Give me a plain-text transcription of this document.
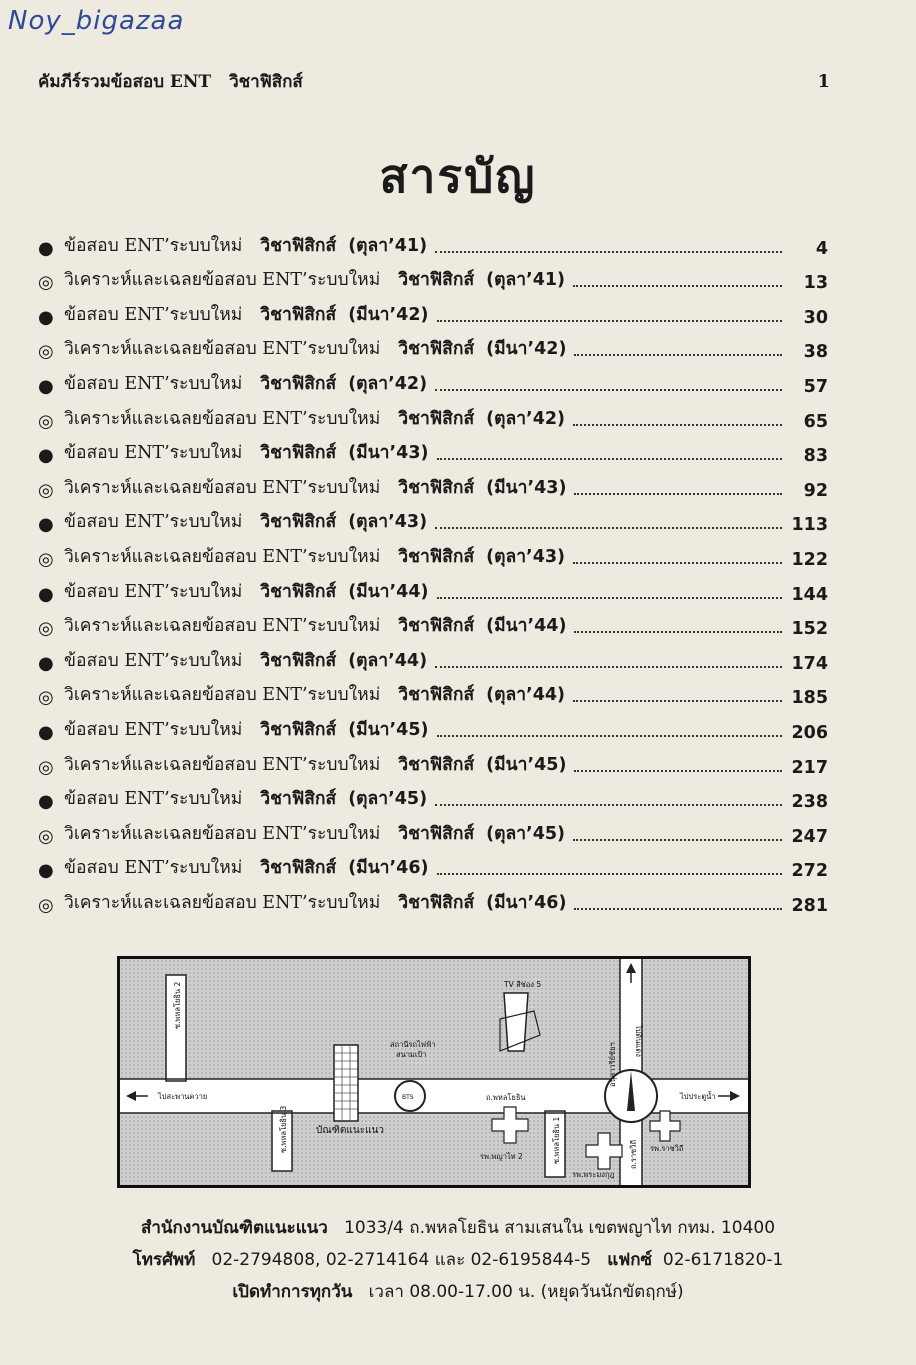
Noy_bigazaa
คัมภีร์รวมข้อสอบ ENT วิชาฟิสิกส์	1
สารบัญ
●
ข้อสอบ ENT’ระบบใหม่ วิชาฟิสิกส์ (ตุลา’41)	4
◎
วิเคราะห์และเฉลยข้อสอบ ENT’ระบบใหม่ วิชาฟิสิกส์ (ตุลา’41)	13
●
ข้อสอบ ENT’ระบบใหม่ วิชาฟิสิกส์ (มีนา’42)	30
◎
วิเคราะห์และเฉลยข้อสอบ ENT’ระบบใหม่ วิชาฟิสิกส์ (มีนา’42)	38
●
ข้อสอบ ENT’ระบบใหม่ วิชาฟิสิกส์ (ตุลา’42)	57
◎
วิเคราะห์และเฉลยข้อสอบ ENT’ระบบใหม่ วิชาฟิสิกส์ (ตุลา’42)	65
●
ข้อสอบ ENT’ระบบใหม่ วิชาฟิสิกส์ (มีนา’43)	83
◎
วิเคราะห์และเฉลยข้อสอบ ENT’ระบบใหม่ วิชาฟิสิกส์ (มีนา’43)	92
●
ข้อสอบ ENT’ระบบใหม่ วิชาฟิสิกส์ (ตุลา’43)	113
◎
วิเคราะห์และเฉลยข้อสอบ ENT’ระบบใหม่ วิชาฟิสิกส์ (ตุลา’43)	122
●
ข้อสอบ ENT’ระบบใหม่ วิชาฟิสิกส์ (มีนา’44)	144
◎
วิเคราะห์และเฉลยข้อสอบ ENT’ระบบใหม่ วิชาฟิสิกส์ (มีนา’44)	152
●
ข้อสอบ ENT’ระบบใหม่ วิชาฟิสิกส์ (ตุลา’44)	174
◎
วิเคราะห์และเฉลยข้อสอบ ENT’ระบบใหม่ วิชาฟิสิกส์ (ตุลา’44)	185
●
ข้อสอบ ENT’ระบบใหม่ วิชาฟิสิกส์ (มีนา’45)	206
◎
วิเคราะห์และเฉลยข้อสอบ ENT’ระบบใหม่ วิชาฟิสิกส์ (มีนา’45)	217
●
ข้อสอบ ENT’ระบบใหม่ วิชาฟิสิกส์ (ตุลา’45)	238
◎
วิเคราะห์และเฉลยข้อสอบ ENT’ระบบใหม่ วิชาฟิสิกส์ (ตุลา’45)	247
●
ข้อสอบ ENT’ระบบใหม่ วิชาฟิสิกส์ (มีนา’46)	272
◎
วิเคราะห์และเฉลยข้อสอบ ENT’ระบบใหม่ วิชาฟิสิกส์ (มีนา’46)	281
ซ.พหลโยธิน 2
ซ.พหลโยธิน 3	ซ.พหลโยธิน 1
ไปสะพานควาย
สถานีรถไฟฟ้า
สนามเป้า
BTS
TV สีช่อง 5
ถ.พหลโยธิน
อนุสาวรีย์ชัยฯ
ไปดินแดง
ไปประตูน้ำ
บัณฑิตแนะแนว
รพ.พญาไท 2	ถ.ราชวิถี รพ.ราชวิถี
รพ.พระมงกุฎ
สำนักงานบัณฑิตแนะแนว 1033/4 ถ.พหลโยธิน สามเสนใน เขตพญาไท กทม. 10400
โทรศัพท์ 02-2794808, 02-2714164 และ 02-6195844-5 แฟกซ์ 02-6171820-1
เปิดทำการทุกวัน เวลา 08.00-17.00 น. (หยุดวันนักขัตฤกษ์)
